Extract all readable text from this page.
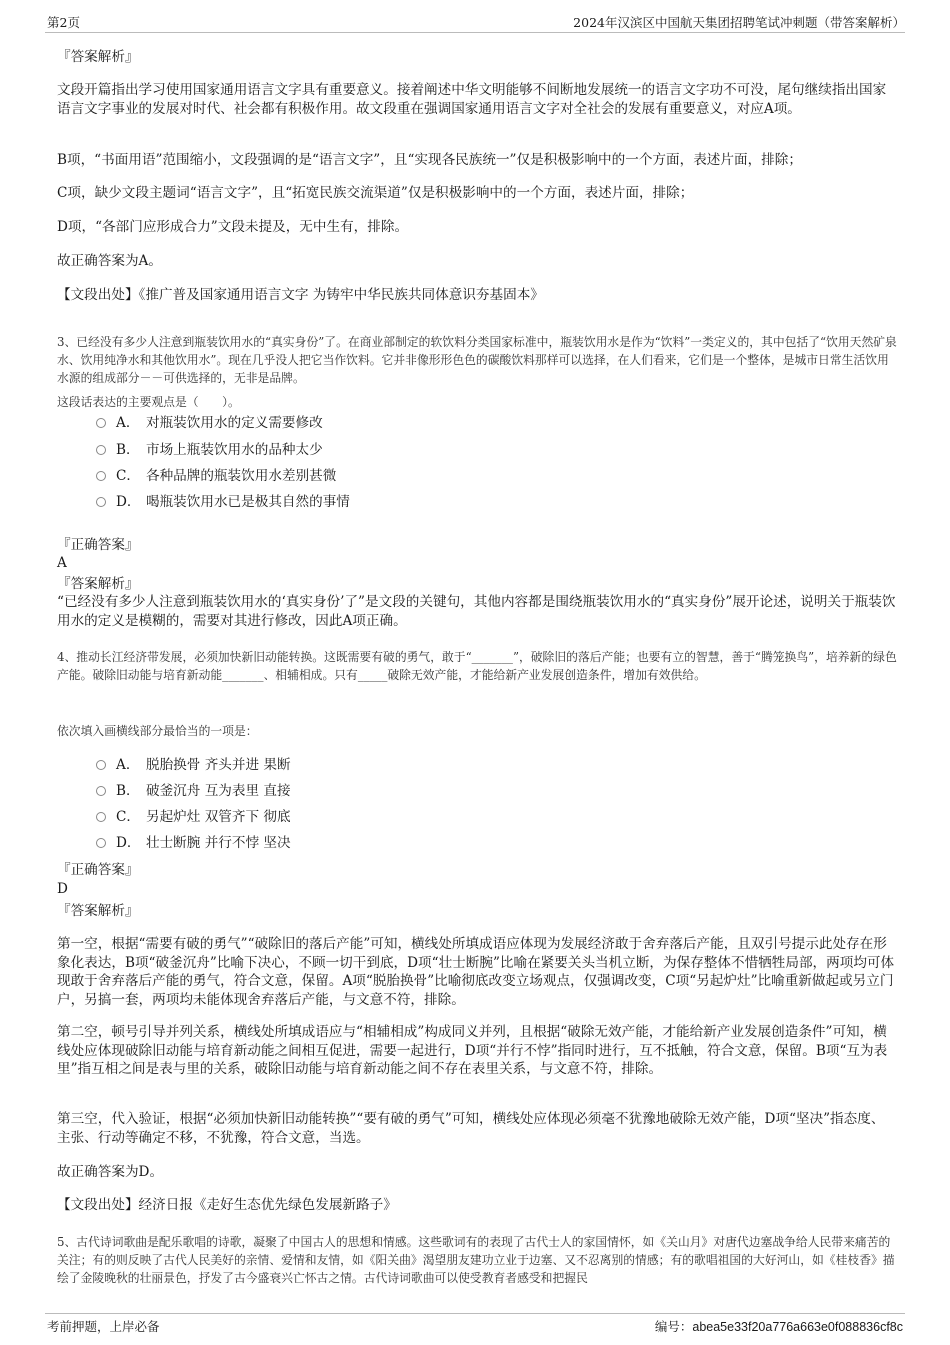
第2页	2024年汉滨区中国航天集团招聘笔试冲刺题（带答案解析）
『答案解析』
文段开篇指出学习使用国家通用语言文字具有重要意义。接着阐述中华文明能够不间断地发展统一的语言文字功不可没，尾句继续指出国家语言文字事业的发展对时代、社会都有积极作用。故文段重在强调国家通用语言文字对全社会的发展有重要意义，对应A项。
B项，“书面用语”范围缩小，文段强调的是“语言文字”，且“实现各民族统一”仅是积极影响中的一个方面，表述片面，排除；
C项，缺少文段主题词“语言文字”，且“拓宽民族交流渠道”仅是积极影响中的一个方面，表述片面，排除；
D项，“各部门应形成合力”文段未提及，无中生有，排除。
故正确答案为A。
【文段出处】《推广普及国家通用语言文字 为铸牢中华民族共同体意识夯基固本》
3、已经没有多少人注意到瓶装饮用水的“真实身份”了。在商业部制定的软饮料分类国家标准中，瓶装饮用水是作为“饮料”一类定义的，其中包括了“饮用天然矿泉水、饮用纯净水和其他饮用水”。现在几乎没人把它当作饮料。它并非像形形色色的碳酸饮料那样可以选择，在人们看来，它们是一个整体，是城市日常生活饮用水源的组成部分－－可供选择的，无非是品牌。
这段话表达的主要观点是（　　）。
A． 对瓶装饮用水的定义需要修改
B． 市场上瓶装饮用水的品种太少
C． 各种品牌的瓶装饮用水差别甚微
D． 喝瓶装饮用水已是极其自然的事情
『正确答案』
A
『答案解析』
“已经没有多少人注意到瓶装饮用水的‘真实身份’了”是文段的关键句，其他内容都是围绕瓶装饮用水的“真实身份”展开论述，说明关于瓶装饮用水的定义是模糊的，需要对其进行修改，因此A项正确。
4、推动长江经济带发展，必须加快新旧动能转换。这既需要有破的勇气，敢于“_______”，破除旧的落后产能；也要有立的智慧，善于“腾笼换鸟”，培养新的绿色产能。破除旧动能与培育新动能_______、相辅相成。只有_____破除无效产能，才能给新产业发展创造条件，增加有效供给。
依次填入画横线部分最恰当的一项是：
A． 脱胎换骨 齐头并进 果断
B． 破釜沉舟 互为表里 直接
C． 另起炉灶 双管齐下 彻底
D． 壮士断腕 并行不悖 坚决
『正确答案』
D
『答案解析』
第一空，根据“需要有破的勇气”“破除旧的落后产能”可知，横线处所填成语应体现为发展经济敢于舍弃落后产能，且双引号提示此处存在形象化表达，B项“破釜沉舟”比喻下决心，不顾一切干到底，D项“壮士断腕”比喻在紧要关头当机立断，为保存整体不惜牺牲局部，两项均可体现敢于舍弃落后产能的勇气，符合文意，保留。A项“脱胎换骨”比喻彻底改变立场观点，仅强调改变，C项“另起炉灶”比喻重新做起或另立门户，另搞一套，两项均未能体现舍弃落后产能，与文意不符，排除。
第二空，顿号引导并列关系，横线处所填成语应与“相辅相成”构成同义并列，且根据“破除无效产能，才能给新产业发展创造条件”可知，横线处应体现破除旧动能与培育新动能之间相互促进，需要一起进行，D项“并行不悖”指同时进行，互不抵触，符合文意，保留。B项“互为表里”指互相之间是表与里的关系，破除旧动能与培育新动能之间不存在表里关系，与文意不符，排除。
第三空，代入验证，根据“必须加快新旧动能转换”“要有破的勇气”可知，横线处应体现必须毫不犹豫地破除无效产能，D项“坚决”指态度、主张、行动等确定不移，不犹豫，符合文意，当选。
故正确答案为D。
【文段出处】经济日报《走好生态优先绿色发展新路子》
5、古代诗词歌曲是配乐歌唱的诗歌，凝聚了中国古人的思想和情感。这些歌词有的表现了古代士人的家国情怀，如《关山月》对唐代边塞战争给人民带来痛苦的关注；有的则反映了古代人民美好的亲情、爱情和友情，如《阳关曲》渴望朋友建功立业于边塞、又不忍离别的情感；有的歌唱祖国的大好河山，如《桂枝香》描绘了金陵晚秋的壮丽景色，抒发了古今盛衰兴亡怀古之情。古代诗词歌曲可以使受教育者感受和把握民
考前押题，上岸必备	编号：abea5e33f20a776a663e0f088836cf8c
